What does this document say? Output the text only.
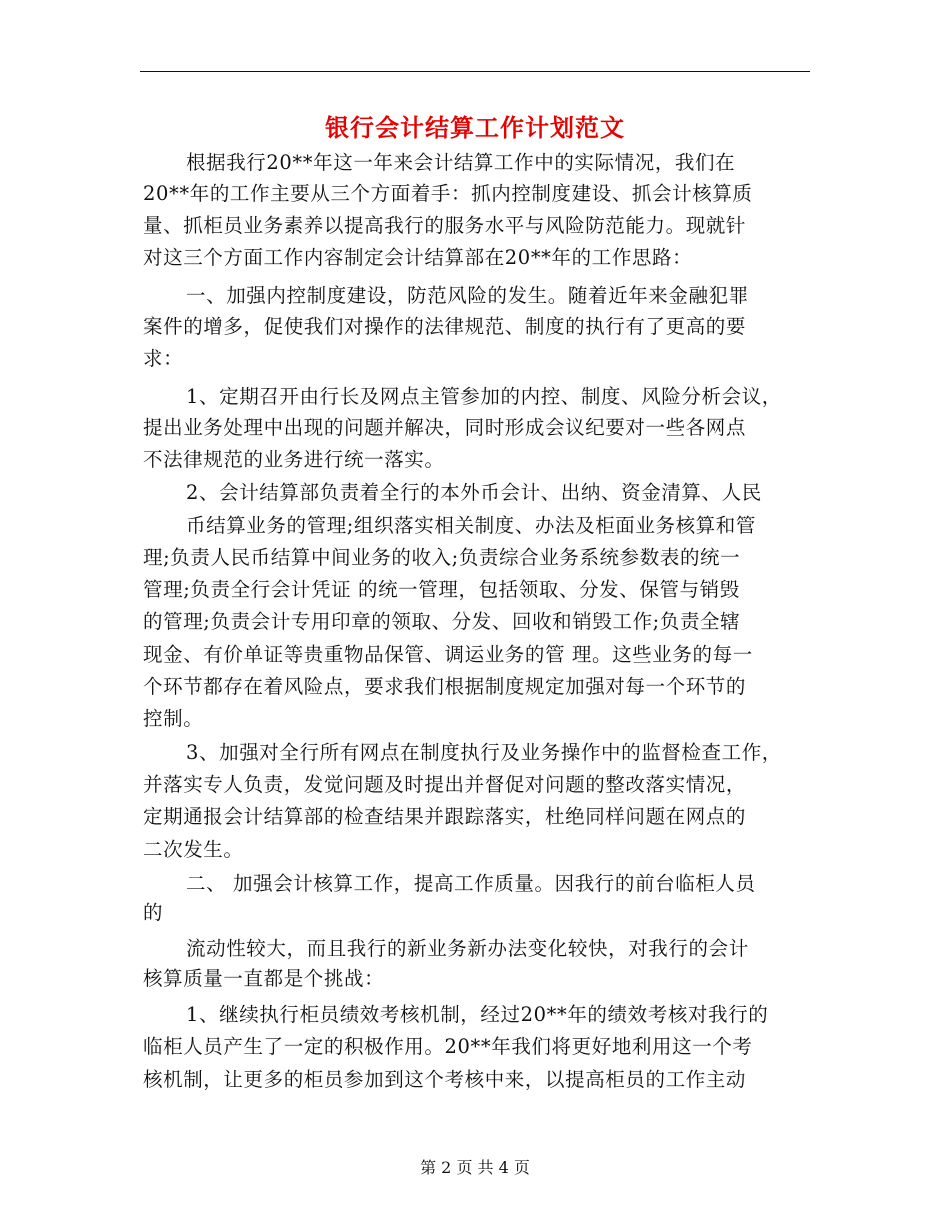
银行会计结算工作计划范文
根据我行20**年这一年来会计结算工作中的实际情况，我们在
20**年的工作主要从三个方面着手：抓内控制度建设、抓会计核算质
量、抓柜员业务素养以提高我行的服务水平与风险防范能力。现就针
对这三个方面工作内容制定会计结算部在20**年的工作思路：
一、加强内控制度建设，防范风险的发生。随着近年来金融犯罪
案件的增多，促使我们对操作的法律规范、制度的执行有了更高的要
求：
1、定期召开由行长及网点主管参加的内控、制度、风险分析会议，
提出业务处理中出现的问题并解决，同时形成会议纪要对一些各网点
不法律规范的业务进行统一落实。
2、会计结算部负责着全行的本外币会计、出纳、资金清算、人民
币结算业务的管理;组织落实相关制度、办法及柜面业务核算和管
理;负责人民币结算中间业务的收入;负责综合业务系统参数表的统一
管理;负责全行会计凭证 的统一管理，包括领取、分发、保管与销毁
的管理;负责会计专用印章的领取、分发、回收和销毁工作;负责全辖
现金、有价单证等贵重物品保管、调运业务的管 理。这些业务的每一
个环节都存在着风险点，要求我们根据制度规定加强对每一个环节的
控制。
3、加强对全行所有网点在制度执行及业务操作中的监督检查工作，
并落实专人负责，发觉问题及时提出并督促对问题的整改落实情况，
定期通报会计结算部的检查结果并跟踪落实，杜绝同样问题在网点的
二次发生。
二、 加强会计核算工作，提高工作质量。因我行的前台临柜人员
的
流动性较大，而且我行的新业务新办法变化较快，对我行的会计
核算质量一直都是个挑战：
1、继续执行柜员绩效考核机制，经过20**年的绩效考核对我行的
临柜人员产生了一定的积极作用。20**年我们将更好地利用这一个考
核机制，让更多的柜员参加到这个考核中来，以提高柜员的工作主动
第 2 页 共 4 页
